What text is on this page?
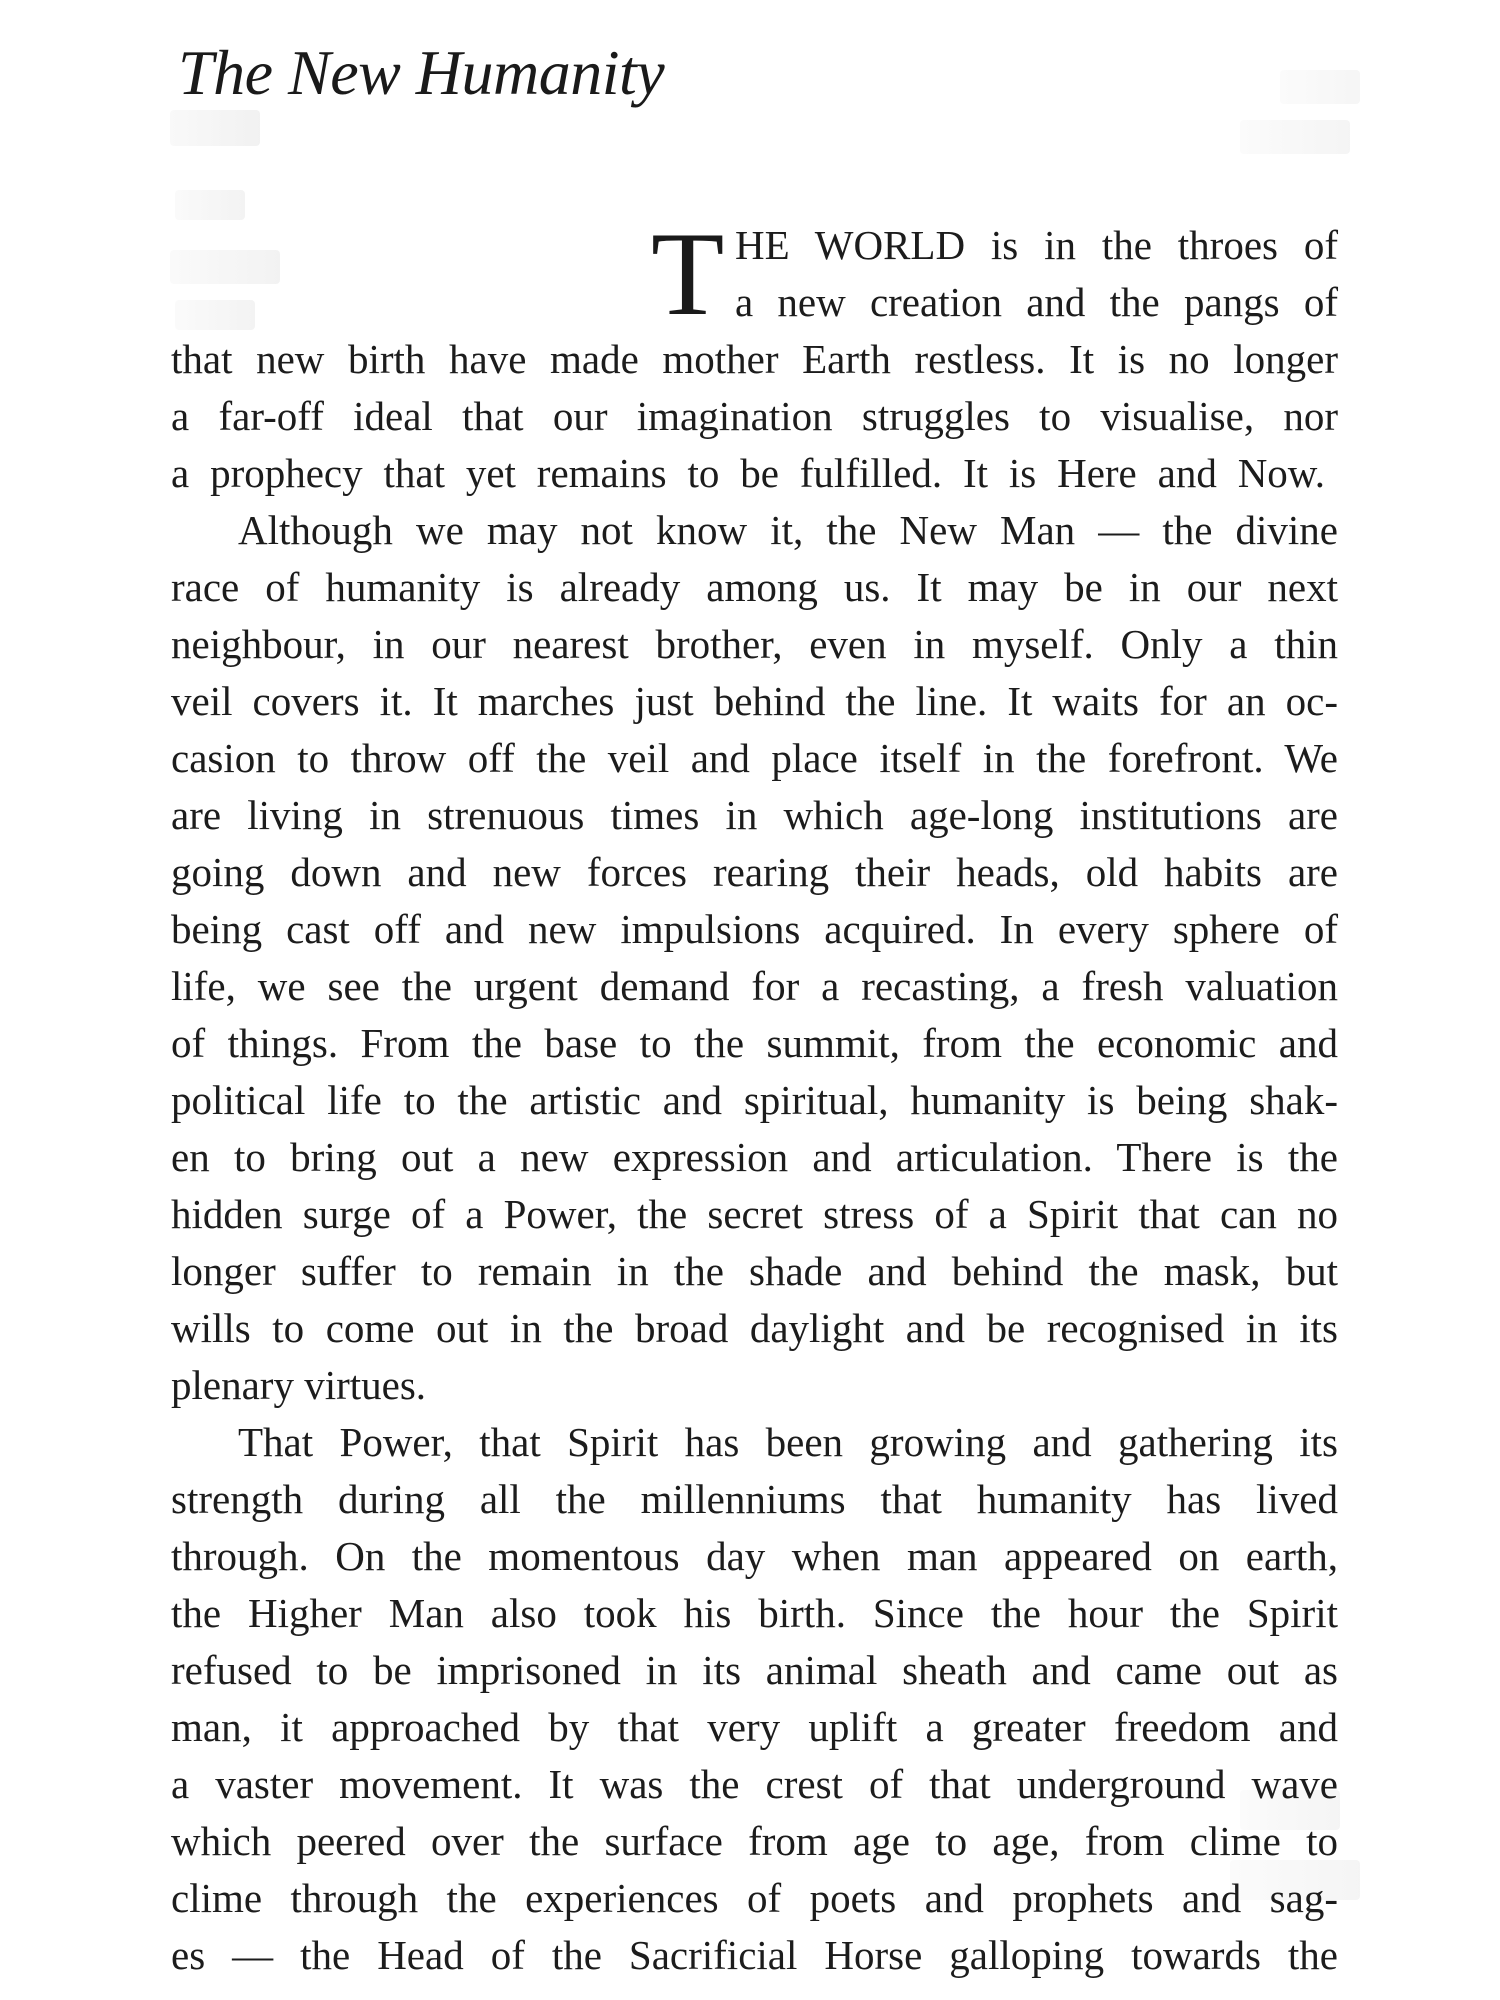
The New Humanity
T HE WORLD is in the throes of
a new creation and the pangs of
that new birth have made mother Earth restless. It is no longer
a far-off ideal that our imagination struggles to visualise, nor
a prophecy that yet remains to be fulfilled. It is Here and Now.
Although we may not know it, the New Man — the divine
race of humanity is already among us. It may be in our next
neighbour, in our nearest brother, even in myself. Only a thin
veil covers it. It marches just behind the line. It waits for an oc-
casion to throw off the veil and place itself in the forefront. We
are living in strenuous times in which age-long institutions are
going down and new forces rearing their heads, old habits are
being cast off and new impulsions acquired. In every sphere of
life, we see the urgent demand for a recasting, a fresh valuation
of things. From the base to the summit, from the economic and
political life to the artistic and spiritual, humanity is being shak-
en to bring out a new expression and articulation. There is the
hidden surge of a Power, the secret stress of a Spirit that can no
longer suffer to remain in the shade and behind the mask, but
wills to come out in the broad daylight and be recognised in its
plenary virtues.
That Power, that Spirit has been growing and gathering its
strength during all the millenniums that humanity has lived
through. On the momentous day when man appeared on earth,
the Higher Man also took his birth. Since the hour the Spirit
refused to be imprisoned in its animal sheath and came out as
man, it approached by that very uplift a greater freedom and
a vaster movement. It was the crest of that underground wave
which peered over the surface from age to age, from clime to
clime through the experiences of poets and prophets and sag-
es — the Head of the Sacrificial Horse galloping towards the
